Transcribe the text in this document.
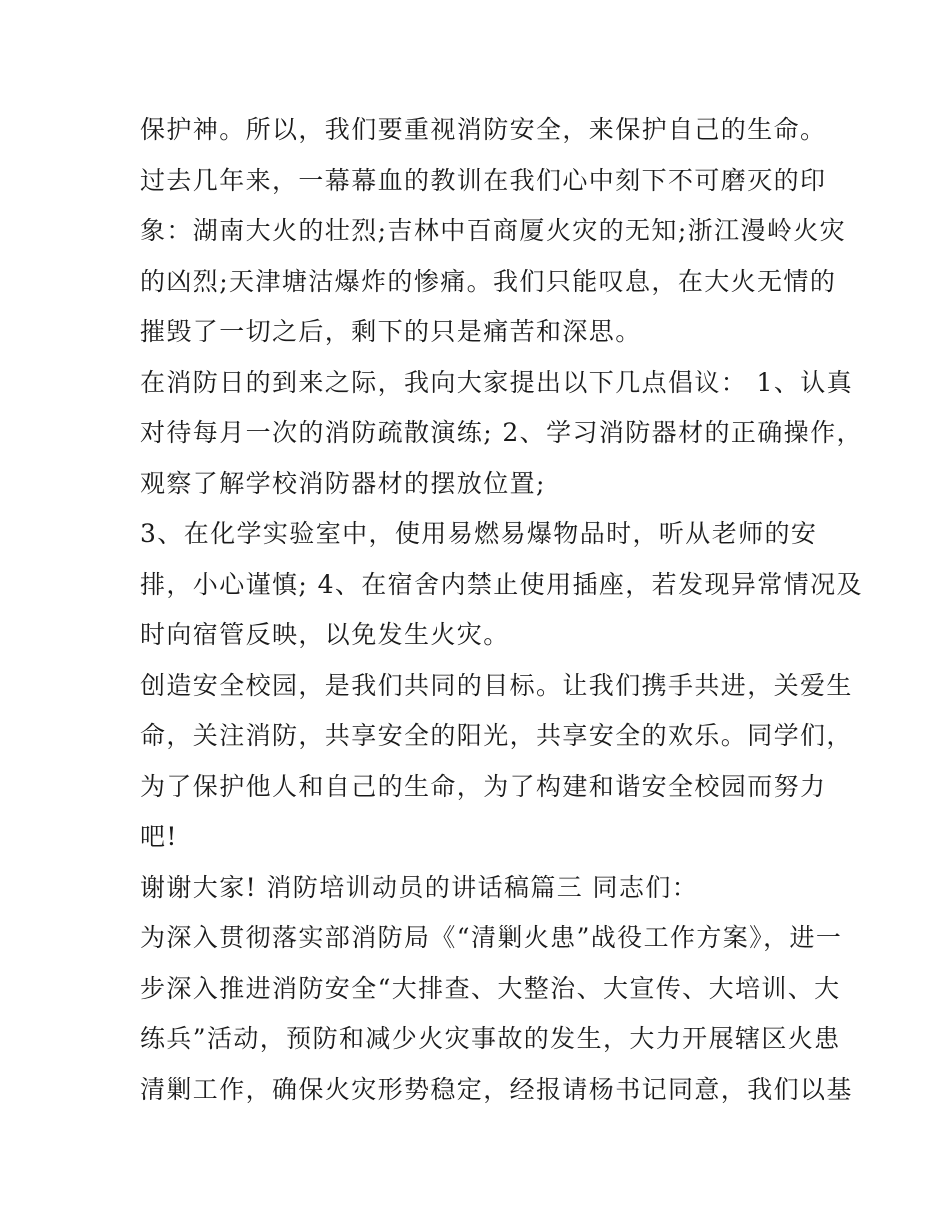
保护神。所以，我们要重视消防安全，来保护自己的生命。
过去几年来，一幕幕血的教训在我们心中刻下不可磨灭的印
象：湖南大火的壮烈;吉林中百商厦火灾的无知;浙江漫岭火灾
的凶烈;天津塘沽爆炸的惨痛。我们只能叹息，在大火无情的
摧毁了一切之后，剩下的只是痛苦和深思。
在消防日的到来之际，我向大家提出以下几点倡议： 1、认真
对待每月一次的消防疏散演练; 2、学习消防器材的正确操作，
观察了解学校消防器材的摆放位置;
3、在化学实验室中，使用易燃易爆物品时，听从老师的安
排，小心谨慎; 4、在宿舍内禁止使用插座，若发现异常情况及
时向宿管反映，以免发生火灾。
创造安全校园，是我们共同的目标。让我们携手共进，关爱生
命，关注消防，共享安全的阳光，共享安全的欢乐。同学们，
为了保护他人和自己的生命，为了构建和谐安全校园而努力
吧!
谢谢大家! 消防培训动员的讲话稿篇三 同志们：
为深入贯彻落实部消防局《“清剿火患”战役工作方案》，进一
步深入推进消防安全“大排查、大整治、大宣传、大培训、大
练兵”活动，预防和减少火灾事故的发生，大力开展辖区火患
清剿工作，确保火灾形势稳定，经报请杨书记同意，我们以基
